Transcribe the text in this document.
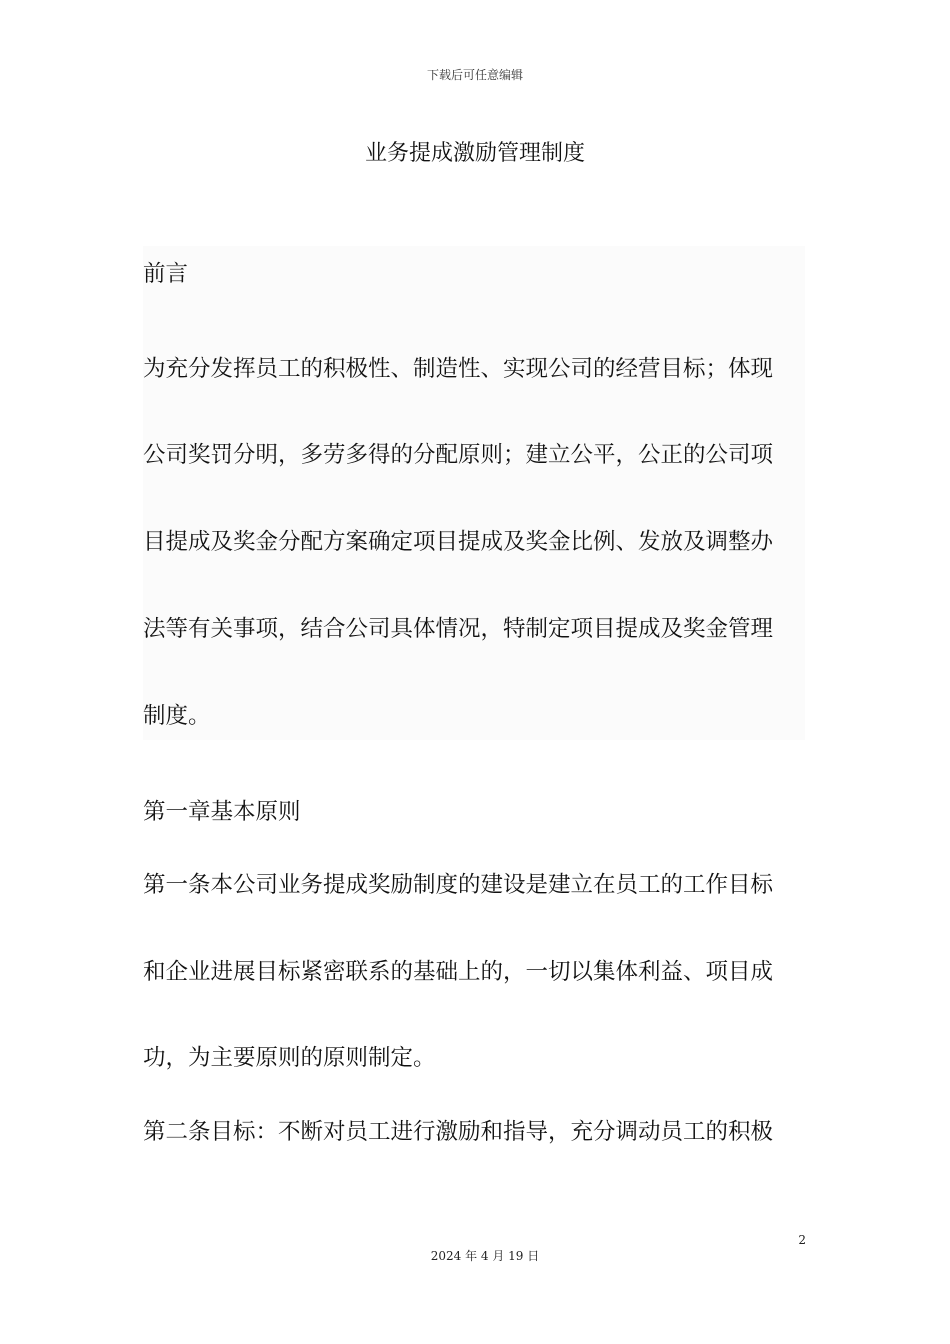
下载后可任意编辑
业务提成激励管理制度
前言
为充分发挥员工的积极性、制造性、实现公司的经营目标；体现
公司奖罚分明，多劳多得的分配原则；建立公平，公正的公司项
目提成及奖金分配方案确定项目提成及奖金比例、发放及调整办
法等有关事项，结合公司具体情况，特制定项目提成及奖金管理
制度。
第一章基本原则
第一条本公司业务提成奖励制度的建设是建立在员工的工作目标
和企业进展目标紧密联系的基础上的，一切以集体利益、项目成
功，为主要原则的原则制定。
第二条目标：不断对员工进行激励和指导，充分调动员工的积极
2
2024 年 4 月 19 日
